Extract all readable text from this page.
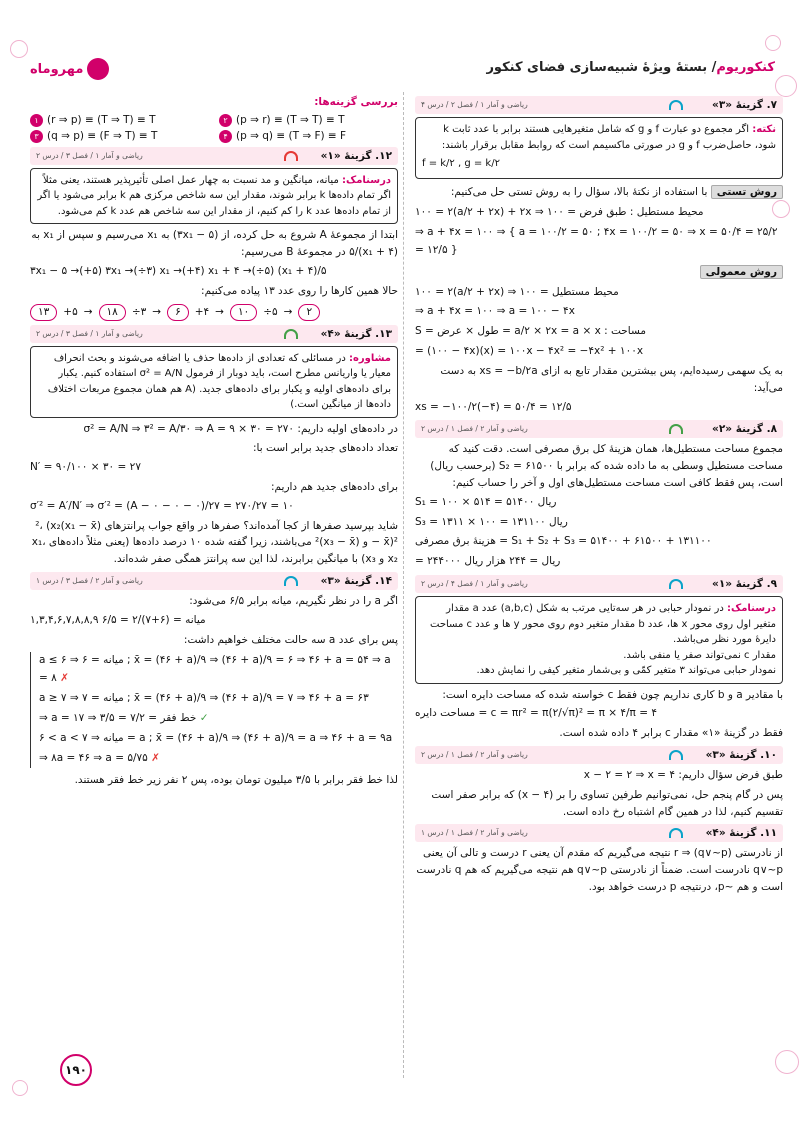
کنکوریوم/ بستهٔ ویژهٔ شبیه‌سازی فضای کنکور
مهروماه
۷. گزینهٔ «۳»
ریاضی و آمار ۱ / فصل ۲ / درس ۴
نکته: اگر مجموع دو عبارت f و g که شامل متغیرهایی هستند برابر با عدد ثابت k شود، حاصل‌ضرب f و g در صورتی ماکسیمم است که روابط مقابل برقرار باشند:
f = k/۲ , g = k/۲
روش تستی با استفاده از نکتهٔ بالا، سؤال را به روش تستی حل می‌کنیم:
۱۰۰ = ۲(a/۲ + ۲x) + ۲x ⇒ ۱۰۰ = محیط مستطیل : طبق فرض
⇒ a + ۴x = ۱۰۰ ⇒ { a = ۱۰۰/۲ = ۵۰ ; ۴x = ۱۰۰/۲ = ۵۰ ⇒ x = ۵۰/۴ = ۲۵/۲ = ۱۲/۵ }
روش معمولی
۱۰۰ = ۲(a/۲ + ۲x) ⇒ ۱۰۰ = محیط مستطیل
⇒ a + ۴x = ۱۰۰ ⇒ a = ۱۰۰ − ۴x
S = طول × عرض = a/۲ × ۲x = a × x : مساحت
= (۱۰۰ − ۴x)(x) = ۱۰۰x − ۴x² = −۴x² + ۱۰۰x
به یک سهمی رسیده‌ایم، پس بیشترین مقدار تابع به ازای xs = −b/۲a به دست می‌آید:
xs = −۱۰۰/۲(−۴) = ۵۰/۴ = ۱۲/۵
۸. گزینهٔ «۲»
ریاضی و آمار ۲ / فصل ۱ / درس ۲
مجموع مساحت مستطیل‌ها، همان هزینهٔ کل برق مصرفی است. دقت کنید که مساحت مستطیل وسطی به ما داده شده که برابر با ۶۱۵۰۰ = S₂ (برحسب ریال) است، پس فقط کافی است مساحت مستطیل‌های اول و آخر را حساب کنیم:
S₁ = ۱۰۰ × ۵۱۴ = ۵۱۴۰۰ ریال
S₃ = ۱۳۱۱ × ۱۰۰ = ۱۳۱۱۰۰ ریال
هزینهٔ برق مصرفی = S₁ + S₂ + S₃ = ۵۱۴۰۰ + ۶۱۵۰۰ + ۱۳۱۱۰۰
= ۲۴۴۰۰۰ ریال = ۲۴۴ هزار ریال
۹. گزینهٔ «۱»
ریاضی و آمار ۱ / فصل ۴ / درس ۲
درسنامک: در نمودار حبابی در هر سه‌تایی مرتب به شکل (a,b,c) عدد a مقدار متغیر اول روی محور x ها، عدد b مقدار متغیر دوم روی محور y ها و عدد c مساحت دایرهٔ مورد نظر می‌باشد.
مقدار c نمی‌تواند صفر یا منفی باشد.
نمودار حبابی می‌تواند ۳ متغیر کمّی و بی‌شمار متغیر کیفی را نمایش دهد.
با مقادیر a و b کاری نداریم چون فقط c خواسته شده که مساحت دایره است:
مساحت دایره = c = πr² = π(۲/√π)² = π × ۴/π = ۴
فقط در گزینهٔ «۱» مقدار c برابر ۴ داده شده است.
۱۰. گزینهٔ «۳»
ریاضی و آمار ۲ / فصل ۱ / درس ۲
طبق فرض سؤال داریم: x − ۲ = ۲ ⇒ x = ۴
پس در گام پنجم حل، نمی‌توانیم طرفین تساوی را بر (x − ۴) که برابر صفر است تقسیم کنیم، لذا در همین گام اشتباه رخ داده است.
۱۱. گزینهٔ «۴»
ریاضی و آمار ۲ / فصل ۱ / درس ۱
از نادرستی (q∨~p) ⇒ r نتیجه می‌گیریم که مقدم آن یعنی r درست و تالی آن یعنی q∨~p نادرست است. ضمناً از نادرستی q∨~p هم نتیجه می‌گیریم که هم q نادرست است و هم ~p، درنتیجه p درست خواهد بود.
بررسی گزینه‌ها:
۲ (p ⇒ r) ≡ (T ⇒ T) ≡ T
۱ (r ⇒ p) ≡ (T ⇒ T) ≡ T
۴ (p ⇒ q) ≡ (T ⇒ F) ≡ F
۳ (q ⇒ p) ≡ (F ⇒ T) ≡ T
۱۲. گزینهٔ «۱»
ریاضی و آمار ۱ / فصل ۳ / درس ۲
درسنامک: میانه، میانگین و مد نسبت به چهار عمل اصلی تأثیرپذیر هستند، یعنی مثلاً اگر تمام داده‌ها k برابر شوند، مقدار این سه شاخص مرکزی هم k برابر می‌شود یا اگر از تمام داده‌ها عدد k را کم کنیم، از مقدار این سه شاخص هم عدد k کم می‌شود.
ابتدا از مجموعهٔ A شروع به حل کرده، از (۵ − ۳x₁) به x₁ می‌رسیم و سپس از x₁ به (x₁ + ۴)/۵ در مجموعهٔ B می‌رسیم:
۳x₁ − ۵ →(+۵) ۳x₁ →(÷۳) x₁ →(+۴) x₁ + ۴ →(÷۵) (x₁ + ۴)/۵
حالا همین کارها را روی عدد ۱۳ پیاده می‌کنیم:
۱۳	+۵ →	۱۸	÷۳ →	۶	+۴ →	۱۰	÷۵ →	۲
۱۳. گزینهٔ «۴»
ریاضی و آمار ۱ / فصل ۳ / درس ۲
مشاوره: در مسائلی که تعدادی از داده‌ها حذف یا اضافه می‌شوند و بحث انحراف معیار یا واریانس مطرح است، باید دوبار از فرمول σ² = A/N استفاده کنیم. یکبار برای داده‌های اولیه و یکبار برای داده‌های جدید. (A هم همان مجموع مربعات اختلاف داده‌ها از میانگین است.)
در داده‌های اولیه داریم: σ² = A/N ⇒ ۳² = A/۳۰ ⇒ A = ۹ × ۳۰ = ۲۷۰
تعداد داده‌های جدید برابر است با:
N′ = ۹۰/۱۰۰ × ۳۰ = ۲۷
برای داده‌های جدید هم داریم:
σ′² = A′/N′ ⇒ σ′² = (A − ۰ − ۰ − ۰)/۲۷ = ۲۷۰/۲۷ = ۱۰
شاید بپرسید صفرها از کجا آمده‌اند؟ صفرها در واقع جواب پرانتزهای (x₁ − x̄)²، (x₂ − x̄)² و (x₃ − x̄)² می‌باشند، زیرا گفته شده ۱۰ درصد داده‌ها (یعنی مثلاً داده‌های x₁، x₂ و x₃) با میانگین برابرند، لذا این سه پرانتز همگی صفر شده‌اند.
۱۴. گزینهٔ «۳»
ریاضی و آمار ۲ / فصل ۳ / درس ۱
اگر a را در نظر نگیریم، میانه برابر ۶/۵ می‌شود:
۱,۳,۴,۶,۷,۸,۸,۹ میانه = (۶+۷)/۲ = ۶/۵
پس برای عدد a سه حالت مختلف خواهیم داشت:
a ≤ ۶ ⇒ میانه = ۶ ; x̄ = (۴۶ + a)/۹ ⇒ (۴۶ + a)/۹ = ۶ ⇒ ۴۶ + a = ۵۴ ⇒ a = ۸ ✗
a ≥ ۷ ⇒ میانه = ۷ ; x̄ = (۴۶ + a)/۹ ⇒ (۴۶ + a)/۹ = ۷ ⇒ ۴۶ + a = ۶۳
⇒ a = ۱۷ ⇒ خط فقر = ۷/۲ = ۳/۵ ✓
۶ < a < ۷ ⇒ میانه = a ; x̄ = (۴۶ + a)/۹ ⇒ (۴۶ + a)/۹ = a ⇒ ۴۶ + a = ۹a
⇒ ۸a = ۴۶ ⇒ a = ۵/۷۵ ✗
لذا خط فقر برابر با ۳/۵ میلیون تومان بوده، پس ۲ نفر زیر خط فقر هستند.
۱۹۰
